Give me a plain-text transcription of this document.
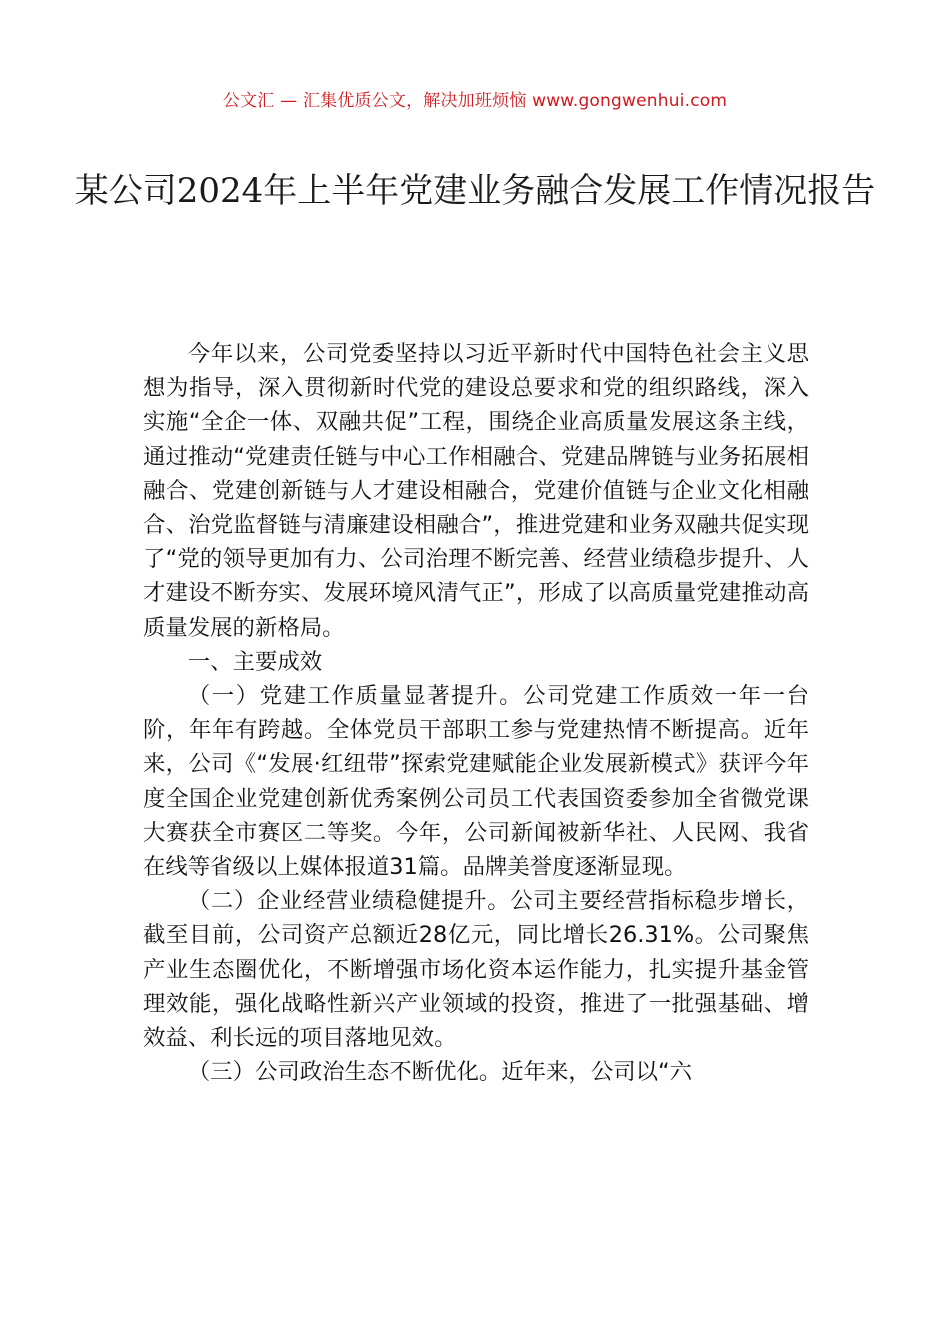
公文汇 — 汇集优质公文，解决加班烦恼 www.gongwenhui.com
某公司2024年上半年党建业务融合发展工作情况报告

今年以来，公司党委坚持以习近平新时代中国特色社会主义思想为指导，深入贯彻新时代党的建设总要求和党的组织路线，深入实施“全企一体、双融共促”工程，围绕企业高质量发展这条主线，通过推动“党建责任链与中心工作相融合、党建品牌链与业务拓展相融合、党建创新链与人才建设相融合，党建价值链与企业文化相融合、治党监督链与清廉建设相融合”，推进党建和业务双融共促实现了“党的领导更加有力、公司治理不断完善、经营业绩稳步提升、人才建设不断夯实、发展环境风清气正”，形成了以高质量党建推动高质量发展的新格局。

一、主要成效

（一）党建工作质量显著提升。公司党建工作质效一年一台阶，年年有跨越。全体党员干部职工参与党建热情不断提高。近年来，公司《“发展·红纽带”探索党建赋能企业发展新模式》获评今年度全国企业党建创新优秀案例公司员工代表国资委参加全省微党课大赛获全市赛区二等奖。今年，公司新闻被新华社、人民网、我省在线等省级以上媒体报道31篇。品牌美誉度逐渐显现。

（二）企业经营业绩稳健提升。公司主要经营指标稳步增长，截至目前，公司资产总额近28亿元，同比增长26.31%。公司聚焦产业生态圈优化，不断增强市场化资本运作能力，扎实提升基金管理效能，强化战略性新兴产业领域的投资，推进了一批强基础、增效益、利长远的项目落地见效。

（三）公司政治生态不断优化。近年来，公司以“六
